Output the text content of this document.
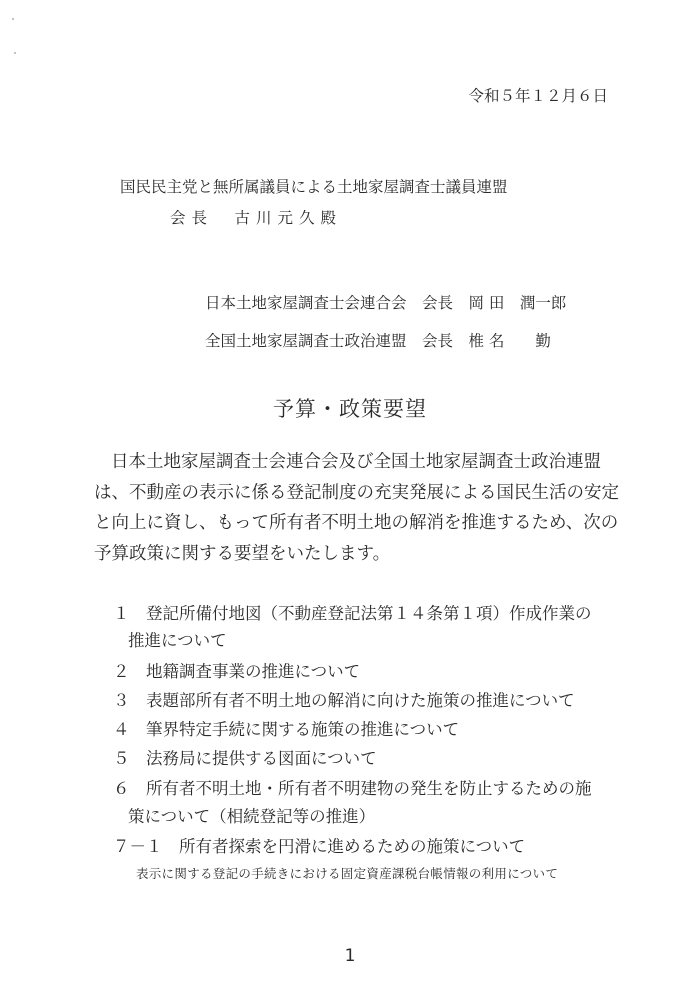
令和５年１２月６日
国民民主党と無所属議員による土地家屋調査士議員連盟
会長　古川元久殿
日本土地家屋調査士会連合会　会長　岡 田　潤一郎
全国土地家屋調査士政治連盟　会長　椎 名　　勤
予算・政策要望

日本土地家屋調査士会連合会及び全国土地家屋調査士政治連盟

は、不動産の表示に係る登記制度の充実発展による国民生活の安定

と向上に資し、もって所有者不明土地の解消を推進するため、次の

予算政策に関する要望をいたします。

１　登記所備付地図（不動産登記法第１４条第１項）作成作業の
推進について
２　地籍調査事業の推進について
３　表題部所有者不明土地の解消に向けた施策の推進について
４　筆界特定手続に関する施策の推進について
５　法務局に提供する図面について
６　所有者不明土地・所有者不明建物の発生を防止するための施
策について（相続登記等の推進）
７－１　所有者探索を円滑に進めるための施策について
表示に関する登記の手続きにおける固定資産課税台帳情報の利用について
1
